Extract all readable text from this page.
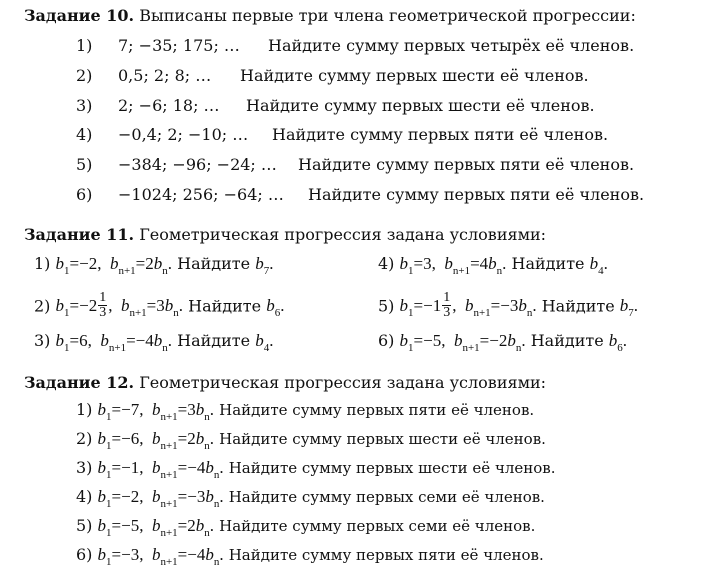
Задание 10. Выписаны первые три члена геометрической прогрессии:
1) 7; −35; 175; … Найдите сумму первых четырёх её членов.
2) 0,5; 2; 8; … Найдите сумму первых шести её членов.
3) 2; −6; 18; … Найдите сумму первых шести её членов.
4) −0,4; 2; −10; … Найдите сумму первых пяти её членов.
5) −384; −96; −24; … Найдите сумму первых пяти её членов.
6) −1024; 256; −64; … Найдите сумму первых пяти её членов.
Задание 11. Геометрическая прогрессия задана условиями:
1) $b_1=-2$, $b_{n+1}=2b_n$. Найдите $b_7$.	4) $b_1=3$, $b_{n+1}=4b_n$. Найдите $b_4$.
2) $b_1=-2 \frac{1}{3}$ , $b_{n+1}=3b_n$. Найдите $b_6$.	5) $b_1=-1 \frac{1}{3}$ , $b_{n+1}=-3b_n$. Найдите $b_7$.
3) $b_1=6$, $b_{n+1}=-4b_n$. Найдите $b_4$.	6) $b_1=-5$, $b_{n+1}=-2b_n$. Найдите $b_6$.
Задание 12. Геометрическая прогрессия задана условиями:
1) $b_1=-7$, $b_{n+1}=3b_n$. Найдите сумму первых пяти её членов.
2) $b_1=-6$, $b_{n+1}=2b_n$. Найдите сумму первых шести её членов.
3) $b_1=-1$, $b_{n+1}=-4b_n$. Найдите сумму первых шести её членов.
4) $b_1=-2$, $b_{n+1}=-3b_n$. Найдите сумму первых семи её членов.
5) $b_1=-5$, $b_{n+1}=2b_n$. Найдите сумму первых семи её членов.
6) $b_1=-3$, $b_{n+1}=-4b_n$. Найдите сумму первых пяти её членов.
